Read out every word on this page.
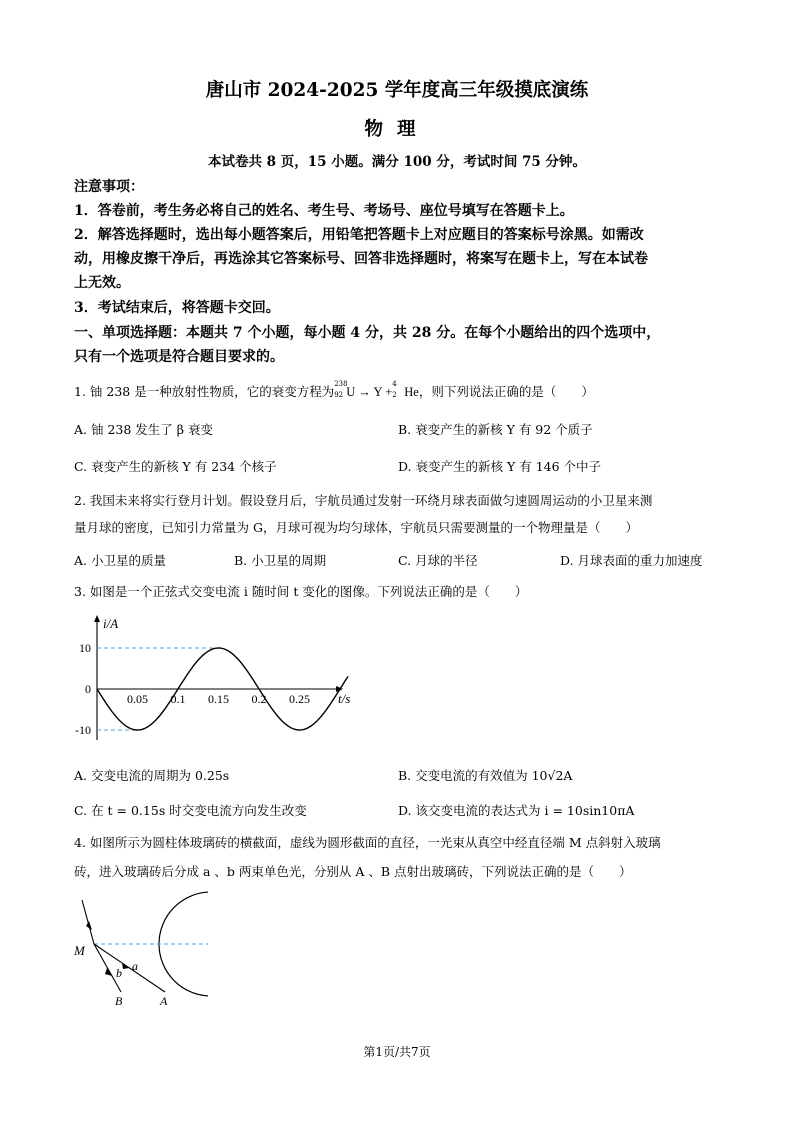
唐山市 2024-2025 学年度高三年级摸底演练
物理
本试卷共 8 页，15 小题。满分 100 分，考试时间 75 分钟。
注意事项：
1．答卷前，考生务必将自己的姓名、考生号、考场号、座位号填写在答题卡上。
2．解答选择题时，选出每小题答案后，用铅笔把答题卡上对应题目的答案标号涂黑。如需改
动，用橡皮擦干净后，再选涂其它答案标号、回答非选择题时，将案写在题卡上，写在本试卷
上无效。
3．考试结束后，将答题卡交回。
一、单项选择题：本题共 7 个小题，每小题 4 分，共 28 分。在每个小题给出的四个选项中，
只有一个选项是符合题目要求的。
1. 铀 238 是一种放射性物质，它的衰变方程为 238
92 U → Y +
4
2 He，则下列说法正确的是（　　）
A. 铀 238 发生了 β 衰变	B. 衰变产生的新核 Y 有 92 个质子
C. 衰变产生的新核 Y 有 234 个核子	D. 衰变产生的新核 Y 有 146 个中子
2. 我国未来将实行登月计划。假设登月后，宇航员通过发射一环绕月球表面做匀速圆周运动的小卫星来测
量月球的密度，已知引力常量为 G，月球可视为均匀球体，宇航员只需要测量的一个物理量是（　　）
A. 小卫星的质量	B. 小卫星的周期	C. 月球的半径	D. 月球表面的重力加速度
3. 如图是一个正弦式交变电流 i 随时间 t 变化的图像。下列说法正确的是（　　）
0.05 0.1 0.15 0.2 0.25
10
0
-10
i/A
t/s
A. 交变电流的周期为 0.25s	B. 交变电流的有效值为 10√2A
C. 在 t = 0.15s 时交变电流方向发生改变	D. 该交变电流的表达式为 i = 10sin10πA
4. 如图所示为圆柱体玻璃砖的横截面，虚线为圆形截面的直径，一光束从真空中经直径端 M 点斜射入玻璃
砖，进入玻璃砖后分成 a 、b 两束单色光，分别从 A 、B 点射出玻璃砖，下列说法正确的是（　　）
M
a
b
B	A
第1页/共7页
